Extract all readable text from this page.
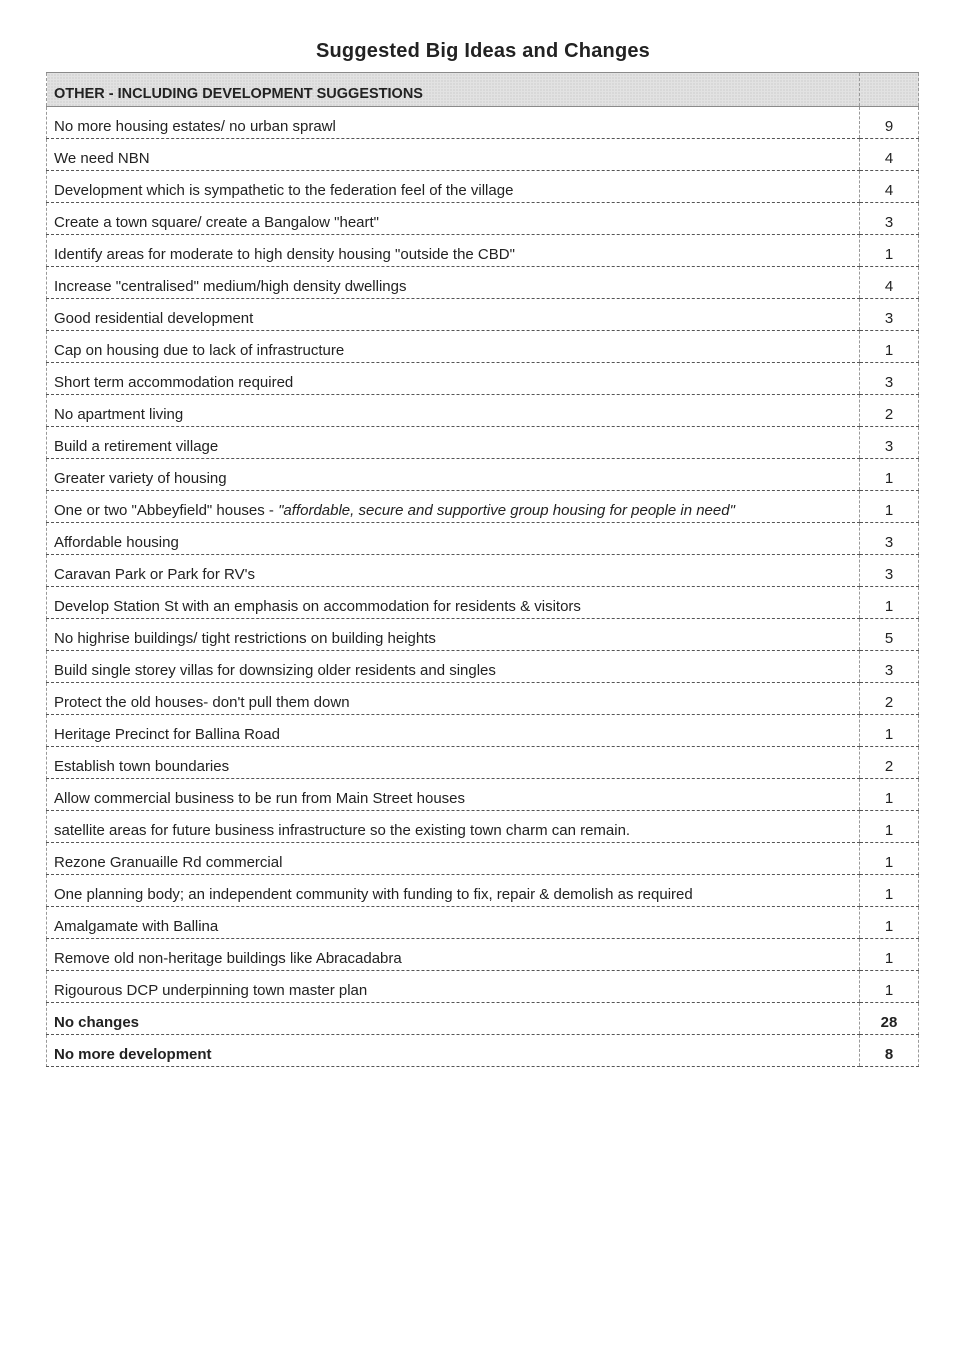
Suggested Big Ideas and Changes
OTHER - INCLUDING DEVELOPMENT SUGGESTIONS	
No more housing estates/ no urban sprawl	9
We need NBN	4
Development which is sympathetic to the federation feel of the village	4
Create a town square/ create a Bangalow "heart"	3
Identify areas for moderate to high density housing "outside the CBD"	1
Increase "centralised" medium/high density dwellings	4
Good residential development	3
Cap on housing due to lack of infrastructure	1
Short term accommodation required	3
No apartment living	2
Build a retirement village	3
Greater variety of housing	1
One or two "Abbeyfield" houses - "affordable, secure and supportive group housing for people in need"	1
Affordable housing	3
Caravan Park or Park for RV's	3
Develop Station St with an emphasis on accommodation for residents & visitors	1
No highrise buildings/ tight restrictions on building heights	5
Build single storey villas for downsizing older residents and singles	3
Protect the old houses- don't pull them down	2
Heritage Precinct for Ballina Road	1
Establish town boundaries	2
Allow commercial business to be run from Main Street houses	1
satellite areas for future business infrastructure so the existing town charm can remain.	1
Rezone Granuaille Rd commercial	1
One planning body; an independent community with funding to fix, repair & demolish as required	1
Amalgamate with Ballina	1
Remove old non-heritage buildings like Abracadabra	1
Rigourous DCP underpinning town master plan	1
No changes	28
No more development	8
